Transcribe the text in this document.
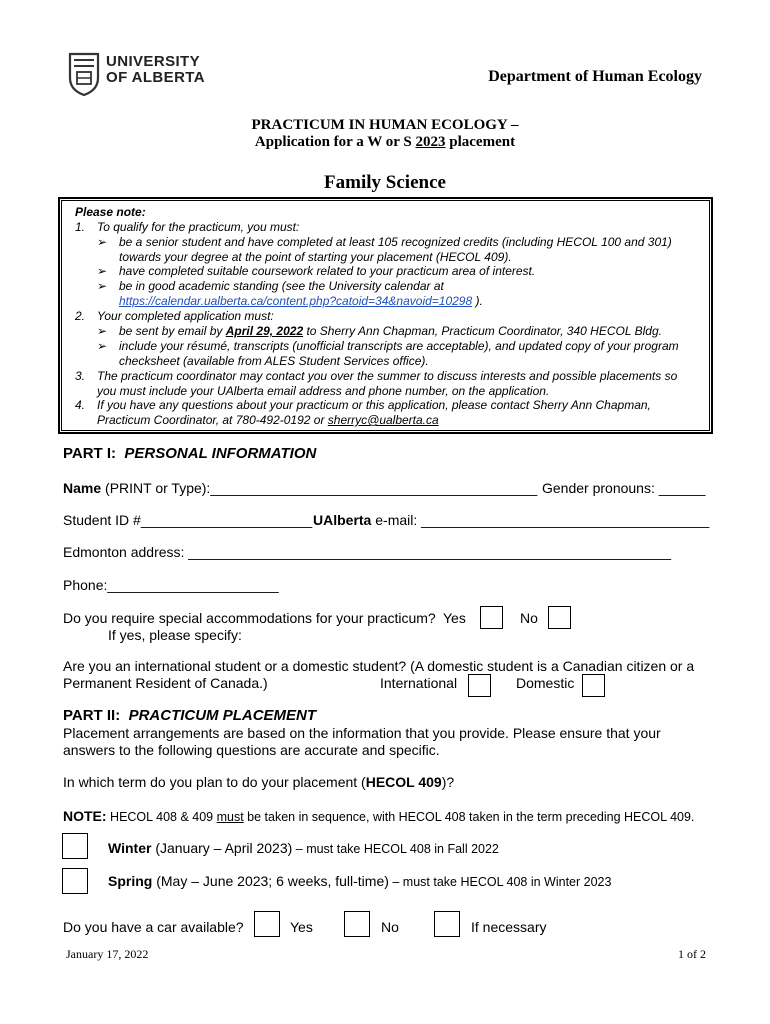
UNIVERSITY
OF ALBERTA	Department of Human Ecology
PRACTICUM IN HUMAN ECOLOGY –
Application for a W or S 2023 placement
Family Science
Please note:
1. To qualify for the practicum, you must:
➢ be a senior student and have completed at least 105 recognized credits (including HECOL 100 and 301)
towards your degree at the point of starting your placement (HECOL 409).
➢ have completed suitable coursework related to your practicum area of interest.
➢ be in good academic standing (see the University calendar at
https://calendar.ualberta.ca/content.php?catoid=34&navoid=10298 ).
2. Your completed application must:
➢ be sent by email by April 29, 2022 to Sherry Ann Chapman, Practicum Coordinator, 340 HECOL Bldg.
➢ include your résumé, transcripts (unofficial transcripts are acceptable), and updated copy of your program
checksheet (available from ALES Student Services office).
3. The practicum coordinator may contact you over the summer to discuss interests and possible placements so
you must include your UAlberta email address and phone number, on the application.
4. If you have any questions about your practicum or this application, please contact Sherry Ann Chapman,
Practicum Coordinator, at 780-492-0192 or sherryc@ualberta.ca
PART I: PERSONAL INFORMATION
Name (PRINT or Type):__________________________________________ Gender pronouns: ______
Student ID #______________________ UAlberta e-mail: _____________________________________
Edmonton address: ______________________________________________________________
Phone:______________________
Do you require special accommodations for your practicum? Yes	No
If yes, please specify:
Are you an international student or a domestic student? (A domestic student is a Canadian citizen or a
Permanent Resident of Canada.)	International	Domestic
PART II: PRACTICUM PLACEMENT
Placement arrangements are based on the information that you provide. Please ensure that your
answers to the following questions are accurate and specific.
In which term do you plan to do your placement (HECOL 409)?
NOTE: HECOL 408 & 409 must be taken in sequence, with HECOL 408 taken in the term preceding HECOL 409.
Winter (January – April 2023) – must take HECOL 408 in Fall 2022
Spring (May – June 2023; 6 weeks, full-time) – must take HECOL 408 in Winter 2023
Do you have a car available?	Yes	No	If necessary
January 17, 2022	1 of 2
